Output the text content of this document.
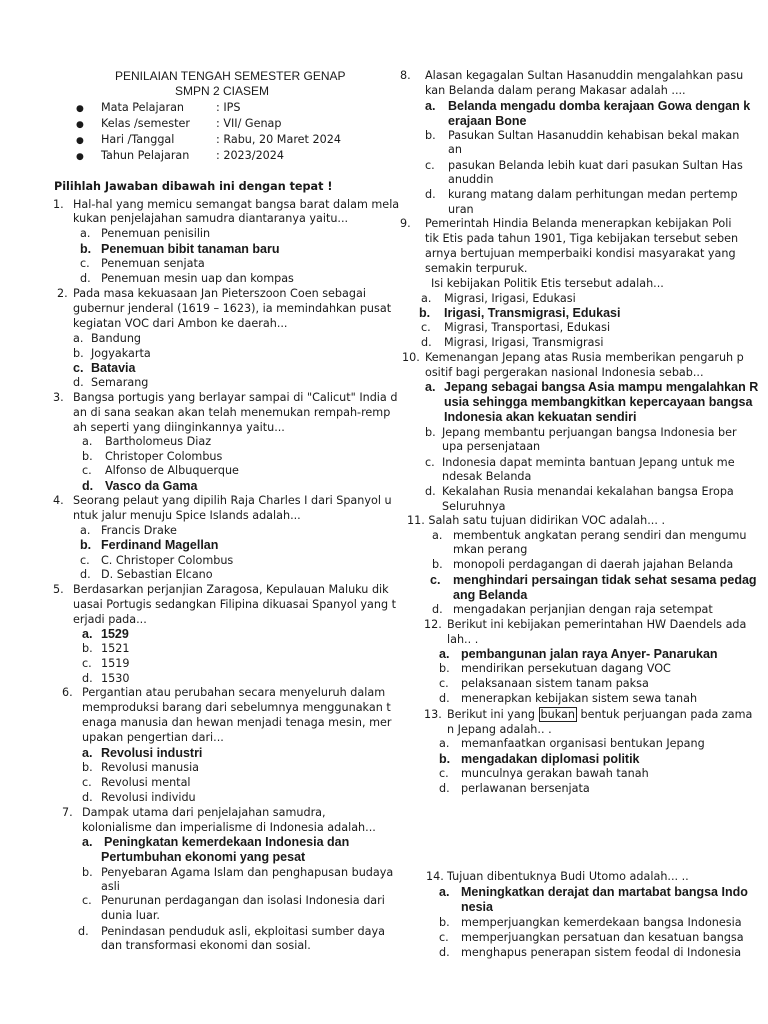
PENILAIAN TENGAH SEMESTER GENAP
SMPN 2 CIASEM
● Mata Pelajaran	: IPS
● Kelas /semester : VII/ Genap
● Hari /Tanggal	: Rabu, 20 Maret 2024
● Tahun Pelajaran : 2023/2024
Pilihlah Jawaban dibawah ini dengan tepat !
1. Hal-hal yang memicu semangat bangsa barat dalam mela
kukan penjelajahan samudra diantaranya yaitu...
a. Penemuan penisilin
b. Penemuan bibit tanaman baru
c. Penemuan senjata
d. Penemuan mesin uap dan kompas
2. Pada masa kekuasaan Jan Pieterszoon Coen sebagai
gubernur jenderal (1619 – 1623), ia memindahkan pusat
kegiatan VOC dari Ambon ke daerah...
a. Bandung
b. Jogyakarta
c. Batavia
d. Semarang
3. Bangsa portugis yang berlayar sampai di "Calicut" India d
an di sana seakan akan telah menemukan rempah-remp
ah seperti yang diinginkannya yaitu...
a. Bartholomeus Diaz
b. Christoper Colombus
c. Alfonso de Albuquerque
d. Vasco da Gama
4. Seorang pelaut yang dipilih Raja Charles I dari Spanyol u
ntuk jalur menuju Spice Islands adalah...
a. Francis Drake
b. Ferdinand Magellan
c. C. Christoper Colombus
d. D. Sebastian Elcano
5. Berdasarkan perjanjian Zaragosa, Kepulauan Maluku dik
uasai Portugis sedangkan Filipina dikuasai Spanyol yang t
erjadi pada...
a. 1529
b. 1521
c. 1519
d. 1530
6. Pergantian atau perubahan secara menyeluruh dalam
memproduksi barang dari sebelumnya menggunakan t
enaga manusia dan hewan menjadi tenaga mesin, mer
upakan pengertian dari...
a. Revolusi industri
b. Revolusi manusia
c. Revolusi mental
d. Revolusi individu
7. Dampak utama dari penjelajahan samudra,
kolonialisme dan imperialisme di Indonesia adalah...
a. Peningkatan kemerdekaan Indonesia dan
Pertumbuhan ekonomi yang pesat
b. Penyebaran Agama Islam dan penghapusan budaya
asli
c. Penurunan perdagangan dan isolasi Indonesia dari
dunia luar.
d. Penindasan penduduk asli, ekploitasi sumber daya
dan transformasi ekonomi dan sosial.
8. Alasan kegagalan Sultan Hasanuddin mengalahkan pasu
kan Belanda dalam perang Makasar adalah ....
a. Belanda mengadu domba kerajaan Gowa dengan k
erajaan Bone
b. Pasukan Sultan Hasanuddin kehabisan bekal makan
an
c. pasukan Belanda lebih kuat dari pasukan Sultan Has
anuddin
d. kurang matang dalam perhitungan medan pertemp
uran
9. Pemerintah Hindia Belanda menerapkan kebijakan Poli
tik Etis pada tahun 1901, Tiga kebijakan tersebut seben
arnya bertujuan memperbaiki kondisi masyarakat yang
semakin terpuruk.
Isi kebijakan Politik Etis tersebut adalah...
a. Migrasi, Irigasi, Edukasi
b. Irigasi, Transmigrasi, Edukasi
c. Migrasi, Transportasi, Edukasi
d. Migrasi, Irigasi, Transmigrasi
10. Kemenangan Jepang atas Rusia memberikan pengaruh p
ositif bagi pergerakan nasional Indonesia sebab...
a. Jepang sebagai bangsa Asia mampu mengalahkan R
usia sehingga membangkitkan kepercayaan bangsa
Indonesia akan kekuatan sendiri
b. Jepang membantu perjuangan bangsa Indonesia ber
upa persenjataan
c. Indonesia dapat meminta bantuan Jepang untuk me
ndesak Belanda
d. Kekalahan Rusia menandai kekalahan bangsa Eropa
Seluruhnya
11. Salah satu tujuan didirikan VOC adalah... .
a. membentuk angkatan perang sendiri dan mengumu
mkan perang
b. monopoli perdagangan di daerah jajahan Belanda
c. menghindari persaingan tidak sehat sesama pedag
ang Belanda
d. mengadakan perjanjian dengan raja setempat
12. Berikut ini kebijakan pemerintahan HW Daendels ada
lah.. .
a. pembangunan jalan raya Anyer- Panarukan
b. mendirikan persekutuan dagang VOC
c. pelaksanaan sistem tanam paksa
d. menerapkan kebijakan sistem sewa tanah
13. Berikut ini yang bukan bentuk perjuangan pada zama
n Jepang adalah.. .
a. memanfaatkan organisasi bentukan Jepang
b. mengadakan diplomasi politik
c. munculnya gerakan bawah tanah
d. perlawanan bersenjata
14. Tujuan dibentuknya Budi Utomo adalah... ..
a. Meningkatkan derajat dan martabat bangsa Indo
nesia
b. memperjuangkan kemerdekaan bangsa Indonesia
c. memperjuangkan persatuan dan kesatuan bangsa
d. menghapus penerapan sistem feodal di Indonesia
